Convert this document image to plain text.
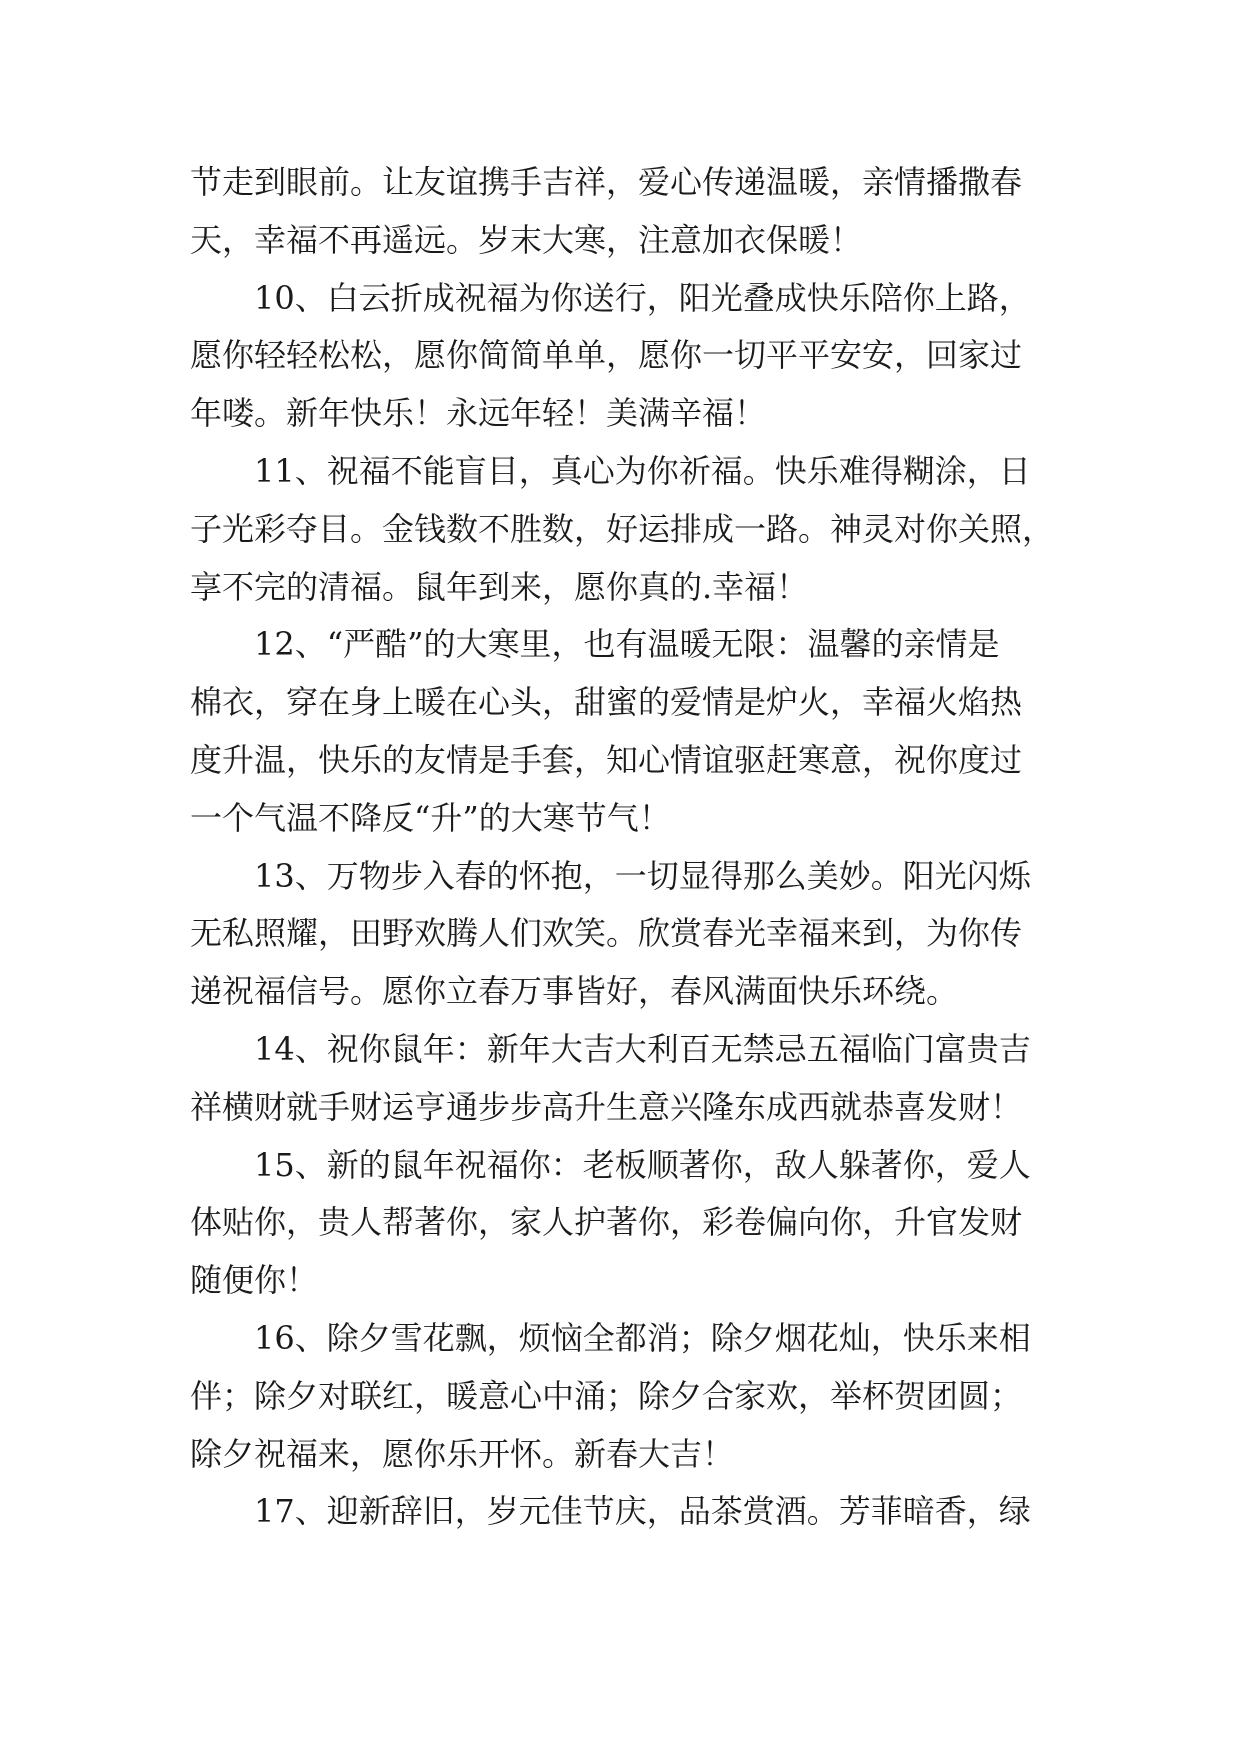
节走到眼前。让友谊携手吉祥，爱心传递温暖，亲情播撒春
天，幸福不再遥远。岁末大寒，注意加衣保暖！
10、白云折成祝福为你送行，阳光叠成快乐陪你上路，
愿你轻轻松松，愿你简简单单，愿你一切平平安安，回家过
年喽。新年快乐！永远年轻！美满辛福！
11、祝福不能盲目，真心为你祈福。快乐难得糊涂，日
子光彩夺目。金钱数不胜数，好运排成一路。神灵对你关照，
享不完的清福。鼠年到来，愿你真的.幸福！
12、“严酷”的大寒里，也有温暖无限：温馨的亲情是
棉衣，穿在身上暖在心头，甜蜜的爱情是炉火，幸福火焰热
度升温，快乐的友情是手套，知心情谊驱赶寒意，祝你度过
一个气温不降反“升”的大寒节气！
13、万物步入春的怀抱，一切显得那么美妙。阳光闪烁
无私照耀，田野欢腾人们欢笑。欣赏春光幸福来到，为你传
递祝福信号。愿你立春万事皆好，春风满面快乐环绕。
14、祝你鼠年：新年大吉大利百无禁忌五福临门富贵吉
祥横财就手财运亨通步步高升生意兴隆东成西就恭喜发财！
15、新的鼠年祝福你：老板顺著你，敌人躲著你，爱人
体贴你，贵人帮著你，家人护著你，彩卷偏向你，升官发财
随便你！
16、除夕雪花飘，烦恼全都消；除夕烟花灿，快乐来相
伴；除夕对联红，暖意心中涌；除夕合家欢，举杯贺团圆；
除夕祝福来，愿你乐开怀。新春大吉！
17、迎新辞旧，岁元佳节庆，品茶赏酒。芳菲暗香，绿
